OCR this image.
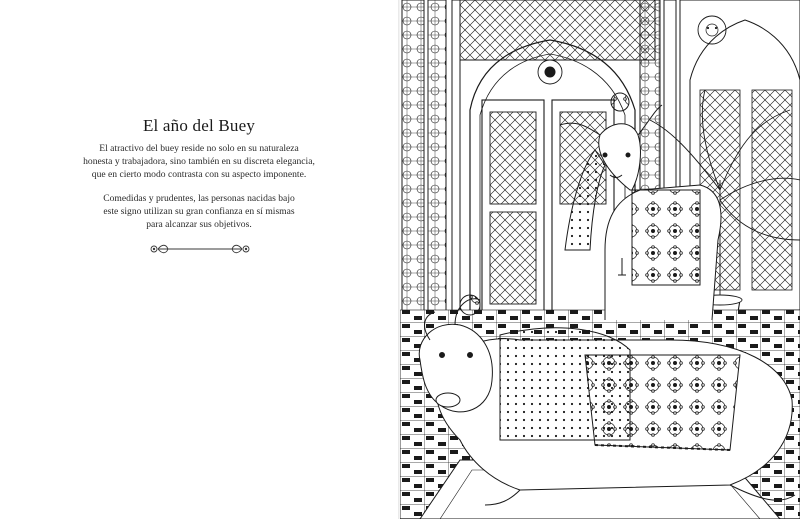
El año del Buey

El atractivo del buey reside no solo en su naturaleza
honesta y trabajadora, sino también en su discreta elegancia,
que en cierto modo contrasta con su aspecto imponente.

Comedidas y prudentes, las personas nacidas bajo
este signo utilizan su gran confianza en sí mismas
para alcanzar sus objetivos.
